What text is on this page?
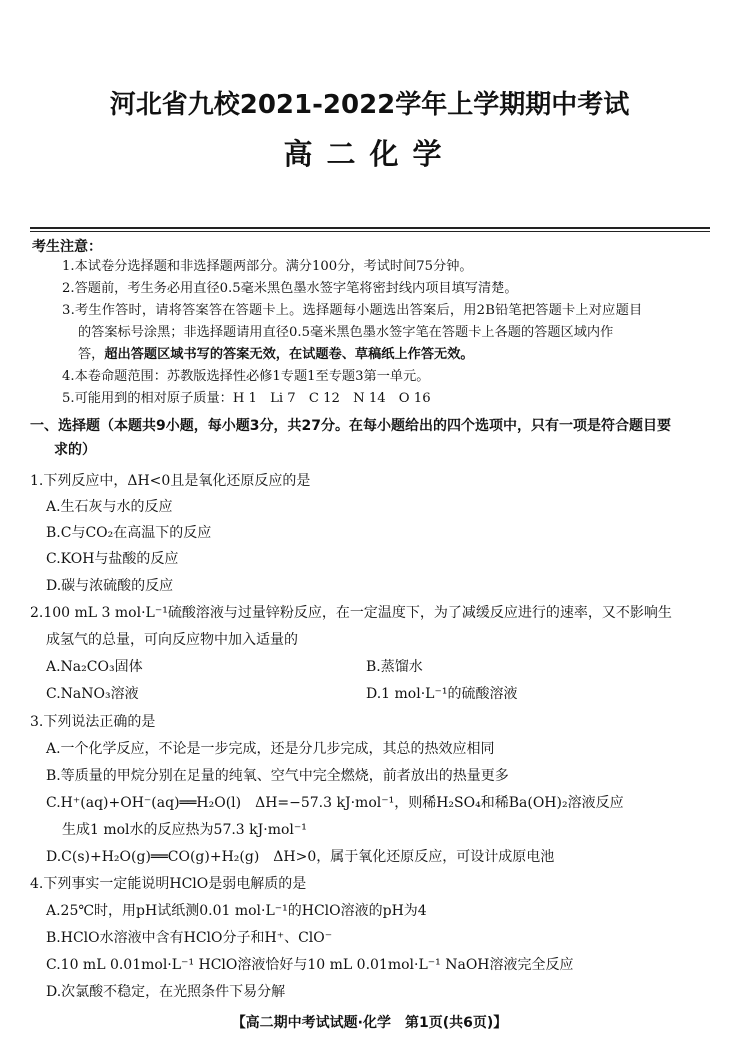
河北省九校2021-2022学年上学期期中考试
高二化学
考生注意：
1.本试卷分选择题和非选择题两部分。满分100分，考试时间75分钟。
2.答题前，考生务必用直径0.5毫米黑色墨水签字笔将密封线内项目填写清楚。
3.考生作答时，请将答案答在答题卡上。选择题每小题选出答案后，用2B铅笔把答题卡上对应题目
的答案标号涂黑；非选择题请用直径0.5毫米黑色墨水签字笔在答题卡上各题的答题区域内作
答，超出答题区域书写的答案无效，在试题卷、草稿纸上作答无效。
4.本卷命题范围：苏教版选择性必修1专题1至专题3第一单元。
5.可能用到的相对原子质量：H 1　Li 7　C 12　N 14　O 16
一、选择题（本题共9小题，每小题3分，共27分。在每小题给出的四个选项中，只有一项是符合题目要
求的）
1.下列反应中，ΔH<0且是氧化还原反应的是
A.生石灰与水的反应
B.C与CO₂在高温下的反应
C.KOH与盐酸的反应
D.碳与浓硫酸的反应
2.100 mL 3 mol·L⁻¹硫酸溶液与过量锌粉反应，在一定温度下，为了减缓反应进行的速率，又不影响生
成氢气的总量，可向反应物中加入适量的
A.Na₂CO₃固体	B.蒸馏水
C.NaNO₃溶液	D.1 mol·L⁻¹的硫酸溶液
3.下列说法正确的是
A.一个化学反应，不论是一步完成，还是分几步完成，其总的热效应相同
B.等质量的甲烷分别在足量的纯氧、空气中完全燃烧，前者放出的热量更多
C.H⁺(aq)+OH⁻(aq)══H₂O(l)　ΔH=−57.3 kJ·mol⁻¹，则稀H₂SO₄和稀Ba(OH)₂溶液反应
生成1 mol水的反应热为57.3 kJ·mol⁻¹
D.C(s)+H₂O(g)══CO(g)+H₂(g)　ΔH>0，属于氧化还原反应，可设计成原电池
4.下列事实一定能说明HClO是弱电解质的是
A.25℃时，用pH试纸测0.01 mol·L⁻¹的HClO溶液的pH为4
B.HClO水溶液中含有HClO分子和H⁺、ClO⁻
C.10 mL 0.01mol·L⁻¹ HClO溶液恰好与10 mL 0.01mol·L⁻¹ NaOH溶液完全反应
D.次氯酸不稳定，在光照条件下易分解
【高二期中考试试题·化学　第1页(共6页)】
